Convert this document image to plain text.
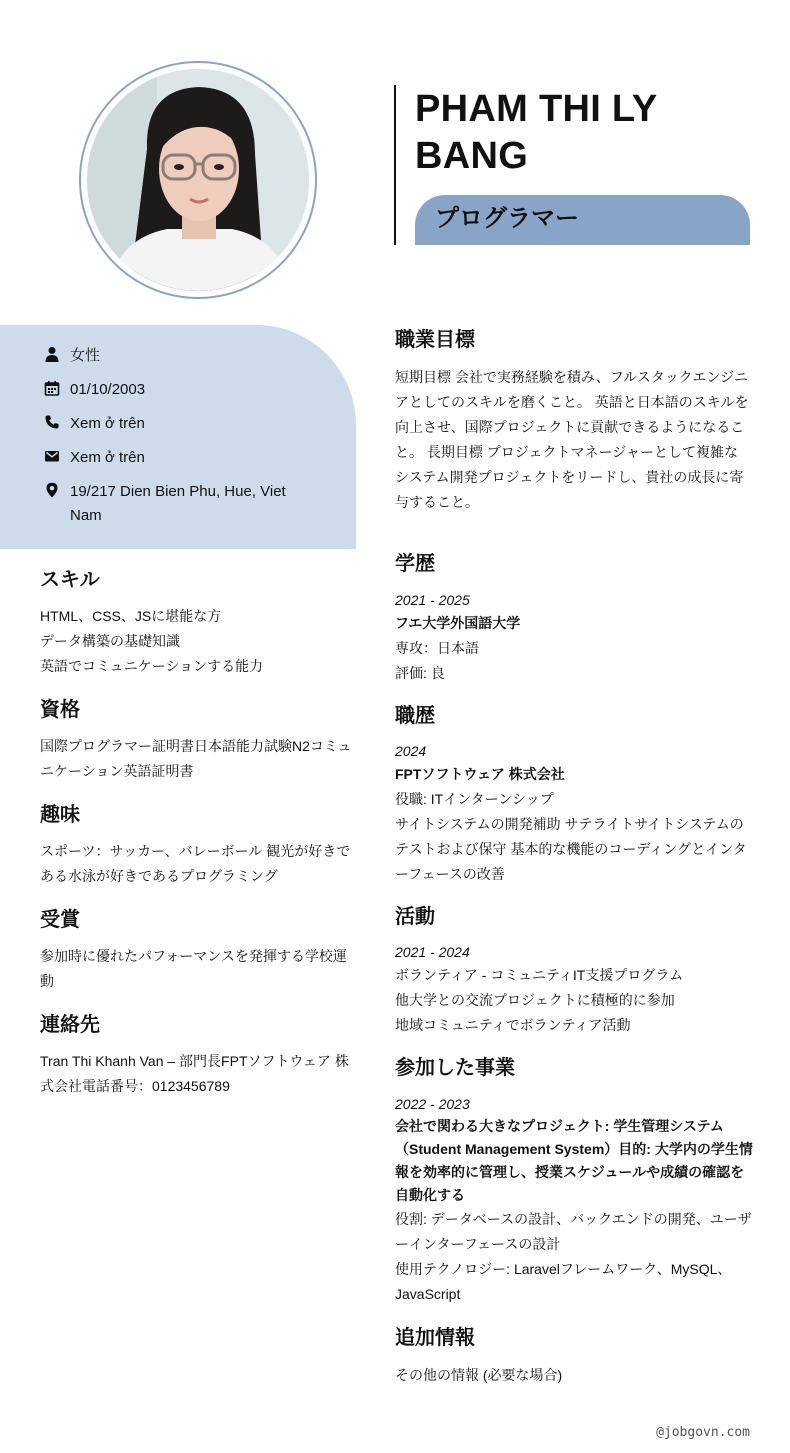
PHAM THI LY BANG
プログラマー
女性
01/10/2003
Xem ở trên
Xem ở trên
19/217 Dien Bien Phu, Hue, Viet Nam
スキル
HTML、CSS、JSに堪能な方
データ構築の基礎知識
英語でコミュニケーションする能力
資格
国際プログラマー証明書日本語能力試験N2コミュニケーション英語証明書
趣味
スポーツ：サッカー、バレーボール 観光が好きである水泳が好きであるプログラミング
受賞
参加時に優れたパフォーマンスを発揮する学校運動
連絡先
Tran Thi Khanh Van – 部門長FPTソフトウェア 株式会社電話番号：0123456789
職業目標
短期目標 会社で実務経験を積み、フルスタックエンジニアとしてのスキルを磨くこと。 英語と日本語のスキルを向上させ、国際プロジェクトに貢献できるようになること。 長期目標 プロジェクトマネージャーとして複雑なシステム開発プロジェクトをリードし、貴社の成長に寄与すること。
学歴
2021 - 2025
フエ大学外国語大学
専攻：日本語
評価: 良
職歴
2024
FPTソフトウェア 株式会社
役職: ITインターンシップ
サイトシステムの開発補助 サテライトサイトシステムのテストおよび保守 基本的な機能のコーディングとインターフェースの改善
活動
2021 - 2024
ボランティア - コミュニティIT支援プログラム
他大学との交流プロジェクトに積極的に参加
地域コミュニティでボランティア活動
参加した事業
2022 - 2023
会社で関わる大きなプロジェクト: 学生管理システム（Student Management System）目的: 大学内の学生情報を効率的に管理し、授業スケジュールや成績の確認を自動化する
役割: データベースの設計、バックエンドの開発、ユーザーインターフェースの設計
使用テクノロジー: Laravelフレームワーク、MySQL、JavaScript
追加情報
その他の情報 (必要な場合)
@jobgovn.com
